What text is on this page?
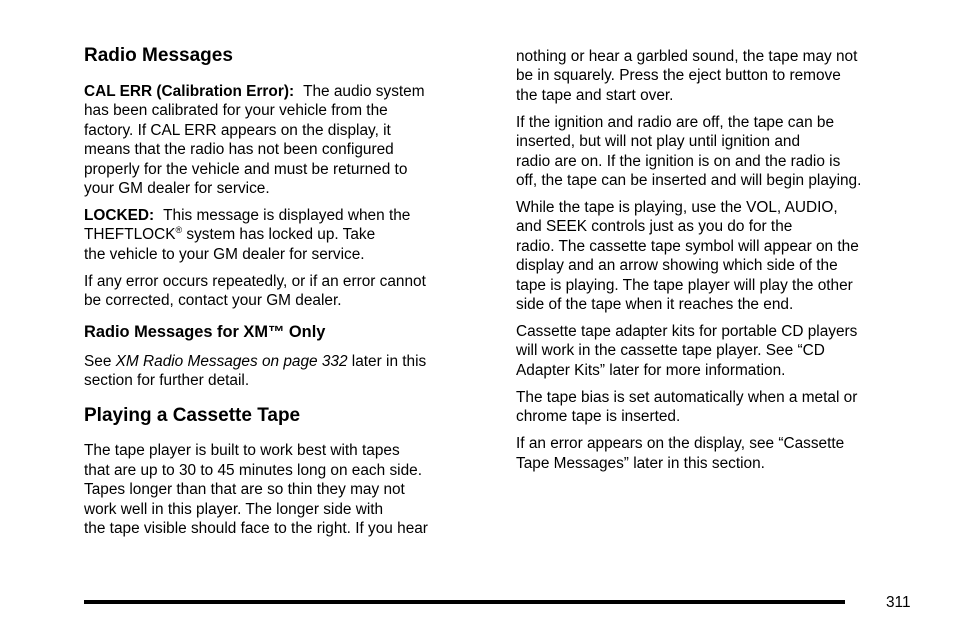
Radio Messages

CAL ERR (Calibration Error): The audio system
has been calibrated for your vehicle from the
factory. If CAL ERR appears on the display, it
means that the radio has not been configured
properly for the vehicle and must be returned to
your GM dealer for service.

LOCKED: This message is displayed when the
THEFTLOCK® system has locked up. Take
the vehicle to your GM dealer for service.

If any error occurs repeatedly, or if an error cannot
be corrected, contact your GM dealer.

Radio Messages for XM™ Only

See XM Radio Messages on page 332 later in this
section for further detail.

Playing a Cassette Tape

The tape player is built to work best with tapes
that are up to 30 to 45 minutes long on each side.
Tapes longer than that are so thin they may not
work well in this player. The longer side with
the tape visible should face to the right. If you hear

nothing or hear a garbled sound, the tape may not
be in squarely. Press the eject button to remove
the tape and start over.

If the ignition and radio are off, the tape can be
inserted, but will not play until ignition and
radio are on. If the ignition is on and the radio is
off, the tape can be inserted and will begin playing.

While the tape is playing, use the VOL, AUDIO,
and SEEK controls just as you do for the
radio. The cassette tape symbol will appear on the
display and an arrow showing which side of the
tape is playing. The tape player will play the other
side of the tape when it reaches the end.

Cassette tape adapter kits for portable CD players
will work in the cassette tape player. See “CD
Adapter Kits” later for more information.

The tape bias is set automatically when a metal or
chrome tape is inserted.

If an error appears on the display, see “Cassette
Tape Messages” later in this section.

311
